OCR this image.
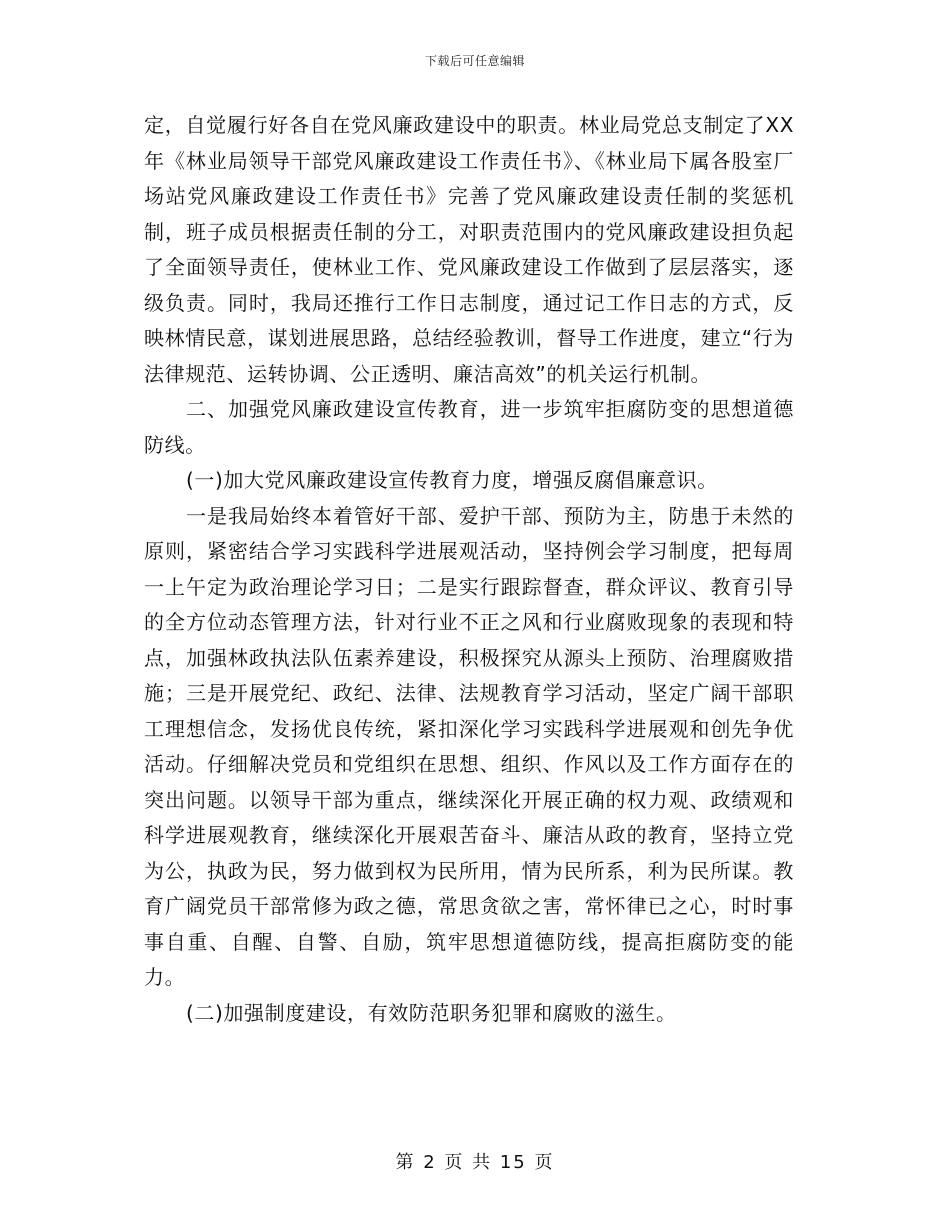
下载后可任意编辑

定，自觉履行好各自在党风廉政建设中的职责。林业局党总支制定了XX年《林业局领导干部党风廉政建设工作责任书》、《林业局下属各股室厂场站党风廉政建设工作责任书》完善了党风廉政建设责任制的奖惩机制，班子成员根据责任制的分工，对职责范围内的党风廉政建设担负起了全面领导责任，使林业工作、党风廉政建设工作做到了层层落实，逐级负责。同时，我局还推行工作日志制度，通过记工作日志的方式，反映林情民意，谋划进展思路，总结经验教训，督导工作进度，建立“行为法律规范、运转协调、公正透明、廉洁高效”的机关运行机制。

二、加强党风廉政建设宣传教育，进一步筑牢拒腐防变的思想道德防线。

(一)加大党风廉政建设宣传教育力度，增强反腐倡廉意识。

一是我局始终本着管好干部、爱护干部、预防为主，防患于未然的原则，紧密结合学习实践科学进展观活动，坚持例会学习制度，把每周一上午定为政治理论学习日；二是实行跟踪督查，群众评议、教育引导的全方位动态管理方法，针对行业不正之风和行业腐败现象的表现和特点，加强林政执法队伍素养建设，积极探究从源头上预防、治理腐败措施；三是开展党纪、政纪、法律、法规教育学习活动，坚定广阔干部职工理想信念，发扬优良传统，紧扣深化学习实践科学进展观和创先争优活动。仔细解决党员和党组织在思想、组织、作风以及工作方面存在的突出问题。以领导干部为重点，继续深化开展正确的权力观、政绩观和科学进展观教育，继续深化开展艰苦奋斗、廉洁从政的教育，坚持立党为公，执政为民，努力做到权为民所用，情为民所系，利为民所谋。教育广阔党员干部常修为政之德，常思贪欲之害，常怀律已之心，时时事事自重、自醒、自警、自励，筑牢思想道德防线，提高拒腐防变的能力。

(二)加强制度建设，有效防范职务犯罪和腐败的滋生。

第 2 页 共 15 页
